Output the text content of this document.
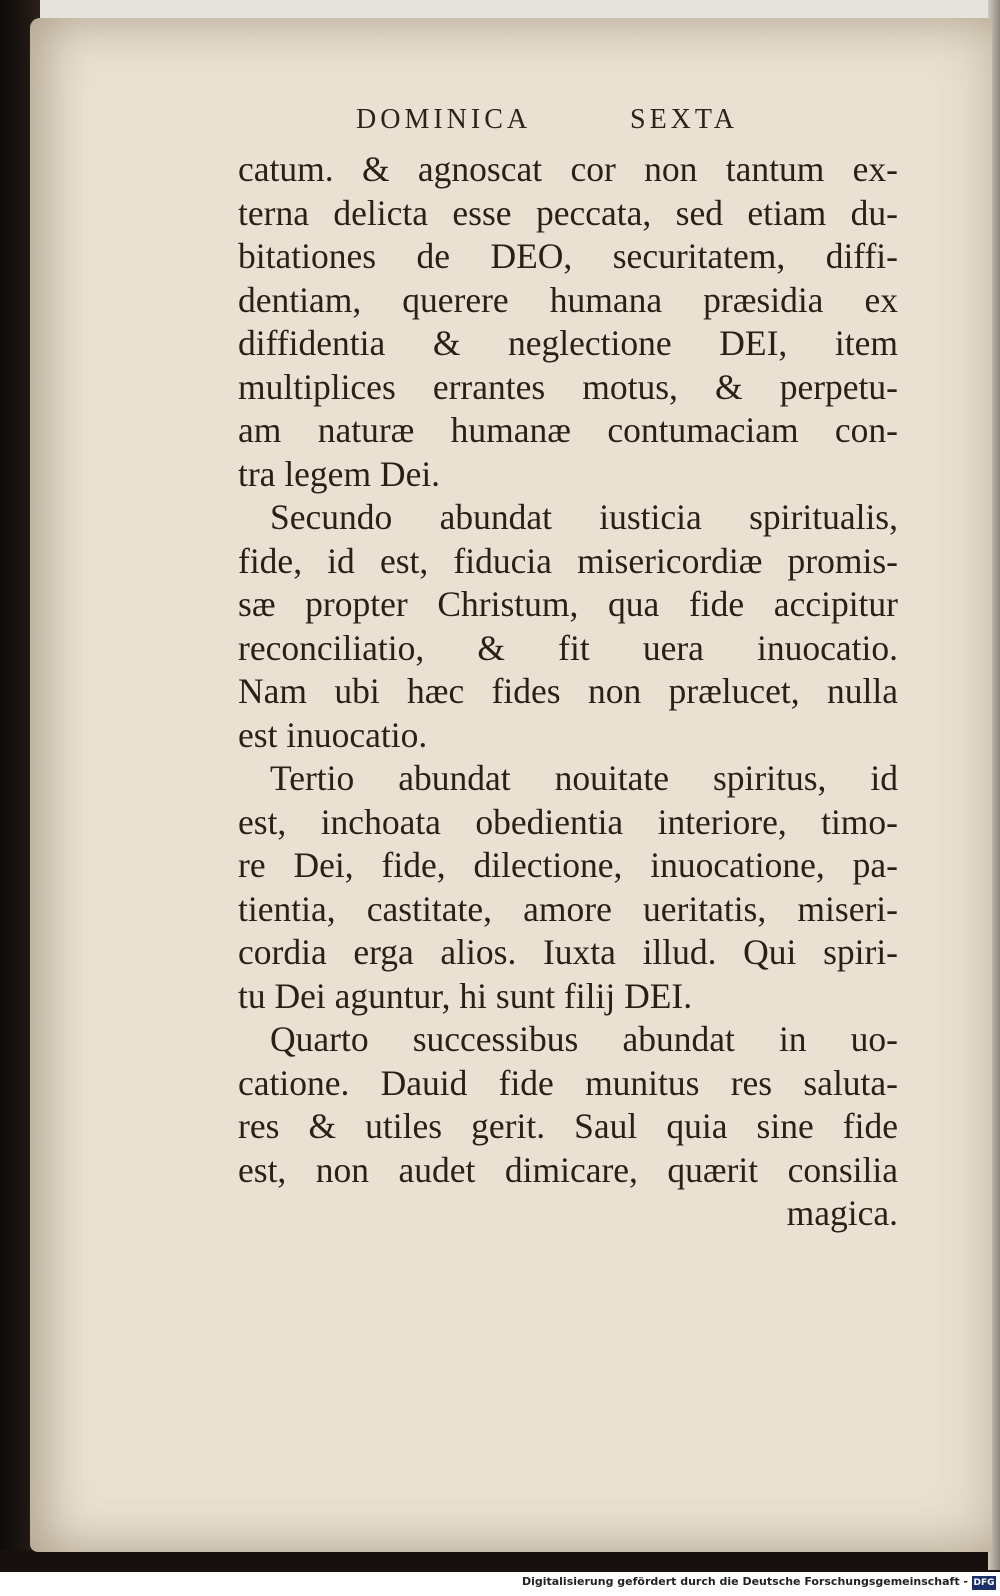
DOMINICA	SEXTA
catum. & agnoscat cor non tantum ex-
terna delicta esse peccata, sed etiam du-
bitationes de DEO, securitatem, diffi-
dentiam, querere humana præsidia ex
diffidentia & neglectione DEI, item
multiplices errantes motus, & perpetu-
am naturæ humanæ contumaciam con-
tra legem Dei.
Secundo abundat iusticia spiritualis,
fide, id est, fiducia misericordiæ promis-
sæ propter Christum, qua fide accipitur
reconciliatio, & fit uera inuocatio.
Nam ubi hæc fides non prælucet, nulla
est inuocatio.
Tertio abundat nouitate spiritus, id
est, inchoata obedientia interiore, timo-
re Dei, fide, dilectione, inuocatione, pa-
tientia, castitate, amore ueritatis, miseri-
cordia erga alios. Iuxta illud. Qui spiri-
tu Dei aguntur, hi sunt filij DEI.
Quarto successibus abundat in uo-
catione. Dauid fide munitus res saluta-
res & utiles gerit. Saul quia sine fide
est, non audet dimicare, quærit consilia
magica.
Digitalisierung gefördert durch die Deutsche Forschungsgemeinschaft - DFG
